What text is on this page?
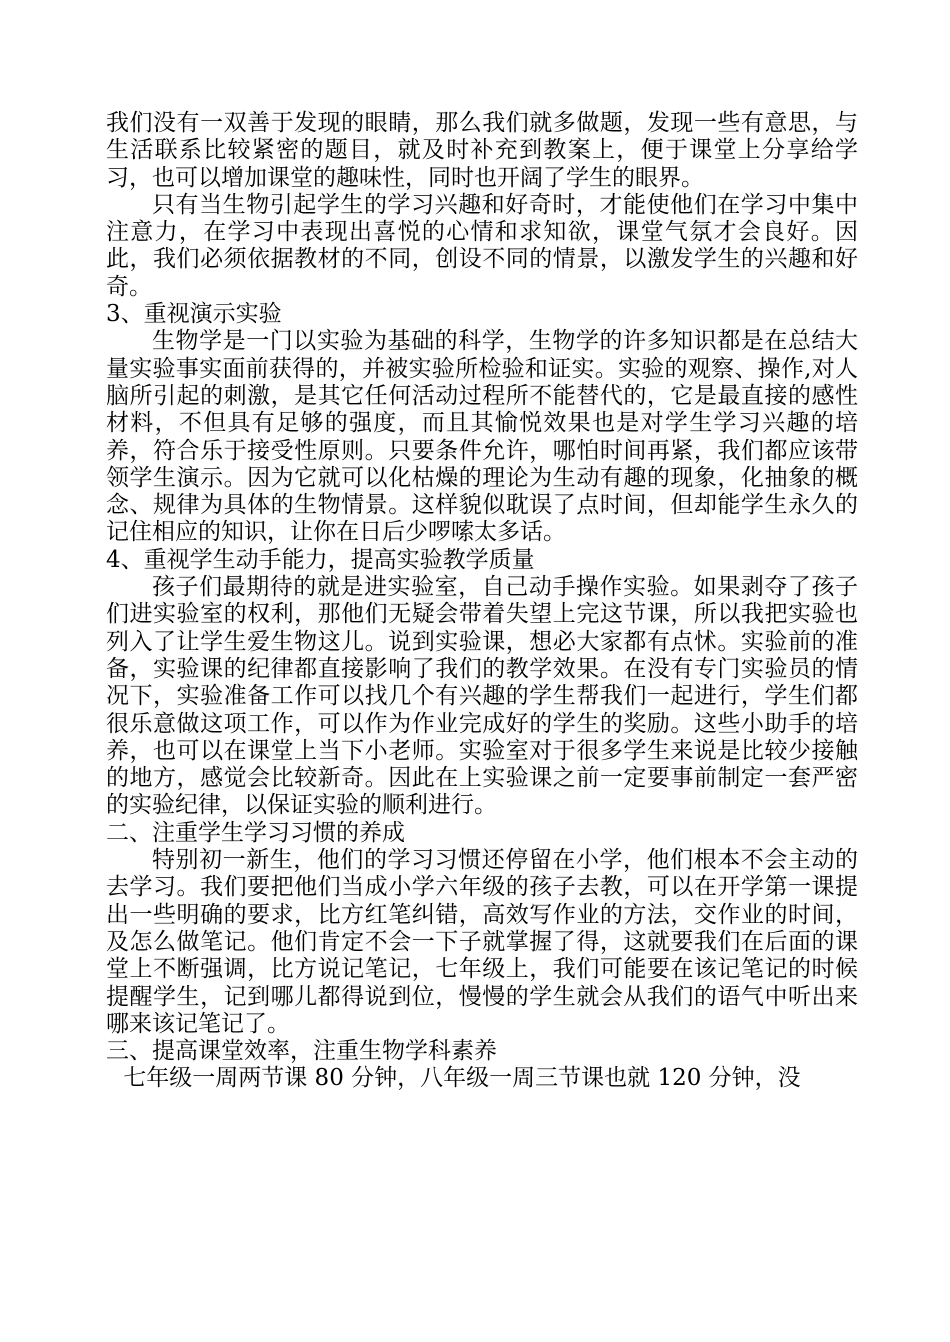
我们没有一双善于发现的眼睛，那么我们就多做题，发现一些有意思，与生活联系比较紧密的题目，就及时补充到教案上，便于课堂上分享给学习，也可以增加课堂的趣味性，同时也开阔了学生的眼界。

只有当生物引起学生的学习兴趣和好奇时，才能使他们在学习中集中注意力，在学习中表现出喜悦的心情和求知欲，课堂气氛才会良好。因此，我们必须依据教材的不同，创设不同的情景，以激发学生的兴趣和好奇。

3、重视演示实验

生物学是一门以实验为基础的科学，生物学的许多知识都是在总结大量实验事实面前获得的，并被实验所检验和证实。实验的观察、操作,对人脑所引起的刺激，是其它任何活动过程所不能替代的，它是最直接的感性材料，不但具有足够的强度，而且其愉悦效果也是对学生学习兴趣的培养，符合乐于接受性原则。只要条件允许，哪怕时间再紧，我们都应该带领学生演示。因为它就可以化枯燥的理论为生动有趣的现象，化抽象的概念、规律为具体的生物情景。这样貌似耽误了点时间，但却能学生永久的记住相应的知识，让你在日后少啰嗦太多话。

4、重视学生动手能力，提高实验教学质量

孩子们最期待的就是进实验室，自己动手操作实验。如果剥夺了孩子们进实验室的权利，那他们无疑会带着失望上完这节课，所以我把实验也列入了让学生爱生物这儿。说到实验课，想必大家都有点怵。实验前的准备，实验课的纪律都直接影响了我们的教学效果。在没有专门实验员的情况下，实验准备工作可以找几个有兴趣的学生帮我们一起进行，学生们都很乐意做这项工作，可以作为作业完成好的学生的奖励。这些小助手的培养，也可以在课堂上当下小老师。实验室对于很多学生来说是比较少接触的地方，感觉会比较新奇。因此在上实验课之前一定要事前制定一套严密的实验纪律，以保证实验的顺利进行。

二、注重学生学习习惯的养成

特别初一新生，他们的学习习惯还停留在小学，他们根本不会主动的去学习。我们要把他们当成小学六年级的孩子去教，可以在开学第一课提出一些明确的要求，比方红笔纠错，高效写作业的方法，交作业的时间，及怎么做笔记。他们肯定不会一下子就掌握了得，这就要我们在后面的课堂上不断强调，比方说记笔记，七年级上，我们可能要在该记笔记的时候提醒学生，记到哪儿都得说到位，慢慢的学生就会从我们的语气中听出来哪来该记笔记了。

三、提高课堂效率，注重生物学科素养

七年级一周两节课 80 分钟，八年级一周三节课也就 120 分钟，没
